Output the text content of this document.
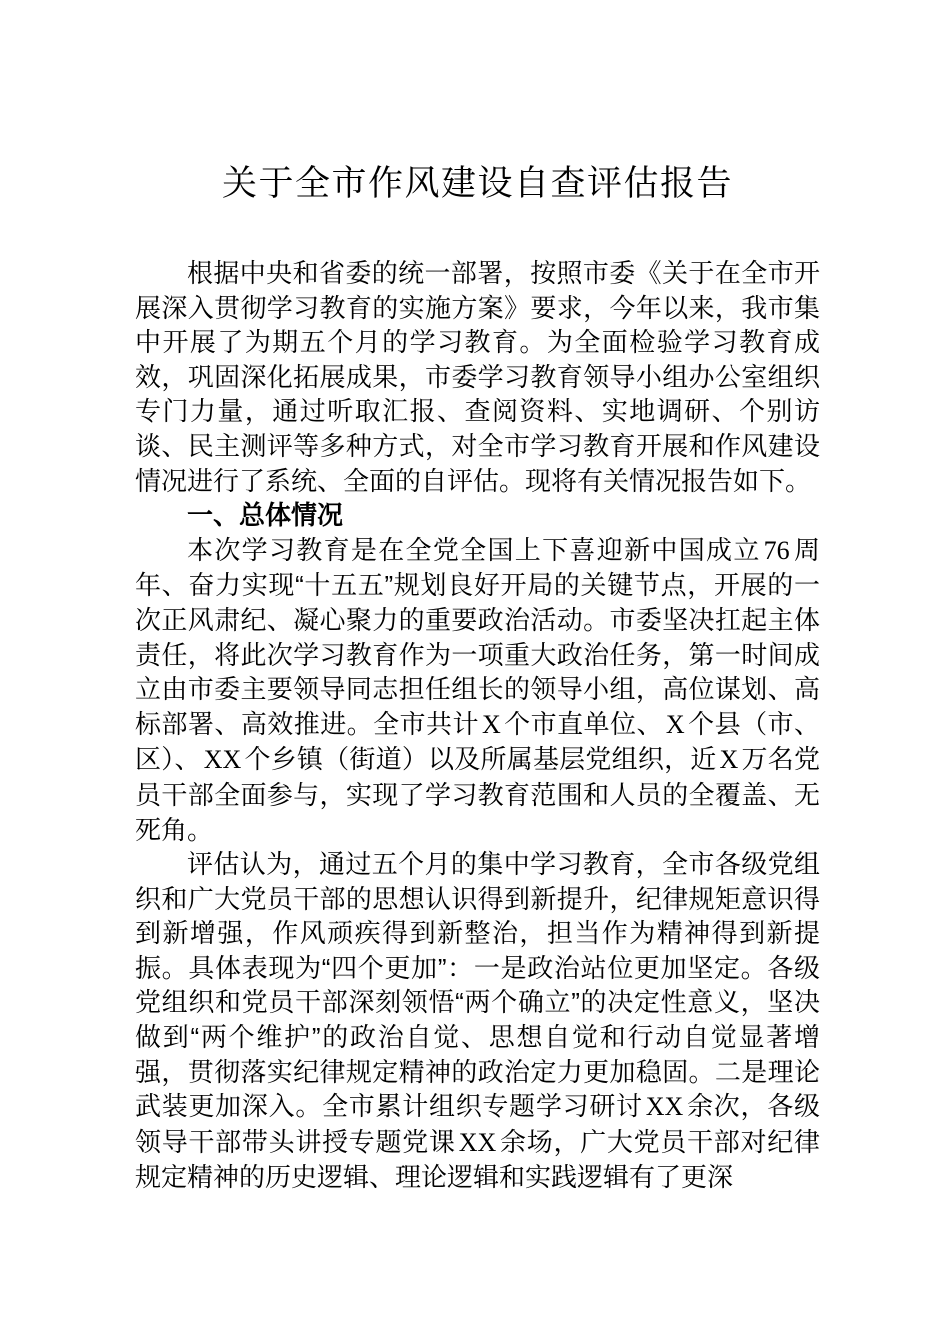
关于全市作风建设自查评估报告

根据中央和省委的统一部署，按照市委《关于在全市开展深入贯彻学习教育的实施方案》要求，今年以来，我市集中开展了为期五个月的学习教育。为全面检验学习教育成效，巩固深化拓展成果，市委学习教育领导小组办公室组织专门力量，通过听取汇报、查阅资料、实地调研、个别访谈、民主测评等多种方式，对全市学习教育开展和作风建设情况进行了系统、全面的自评估。现将有关情况报告如下。

一、总体情况

本次学习教育是在全党全国上下喜迎新中国成立 76 周年、奋力实现“十五五”规划良好开局的关键节点，开展的一次正风肃纪、凝心聚力的重要政治活动。市委坚决扛起主体责任，将此次学习教育作为一项重大政治任务，第一时间成立由市委主要领导同志担任组长的领导小组，高位谋划、高标部署、高效推进。全市共计 X 个市直单位、 X 个县（市、区）、 XX 个乡镇（街道）以及所属基层党组织，近 X 万名党员干部全面参与，实现了学习教育范围和人员的全覆盖、无死角。

评估认为，通过五个月的集中学习教育，全市各级党组织和广大党员干部的思想认识得到新提升，纪律规矩意识得到新增强，作风顽疾得到新整治，担当作为精神得到新提振。具体表现为“四个更加”：一是政治站位更加坚定。各级党组织和党员干部深刻领悟“两个确立”的决定性意义，坚决做到“两个维护”的政治自觉、思想自觉和行动自觉显著增强，贯彻落实纪律规定精神的政治定力更加稳固。二是理论武装更加深入。全市累计组织专题学习研讨 XX 余次，各级领导干部带头讲授专题党课 XX 余场，广大党员干部对纪律规定精神的历史逻辑、理论逻辑和实践逻辑有了更深
